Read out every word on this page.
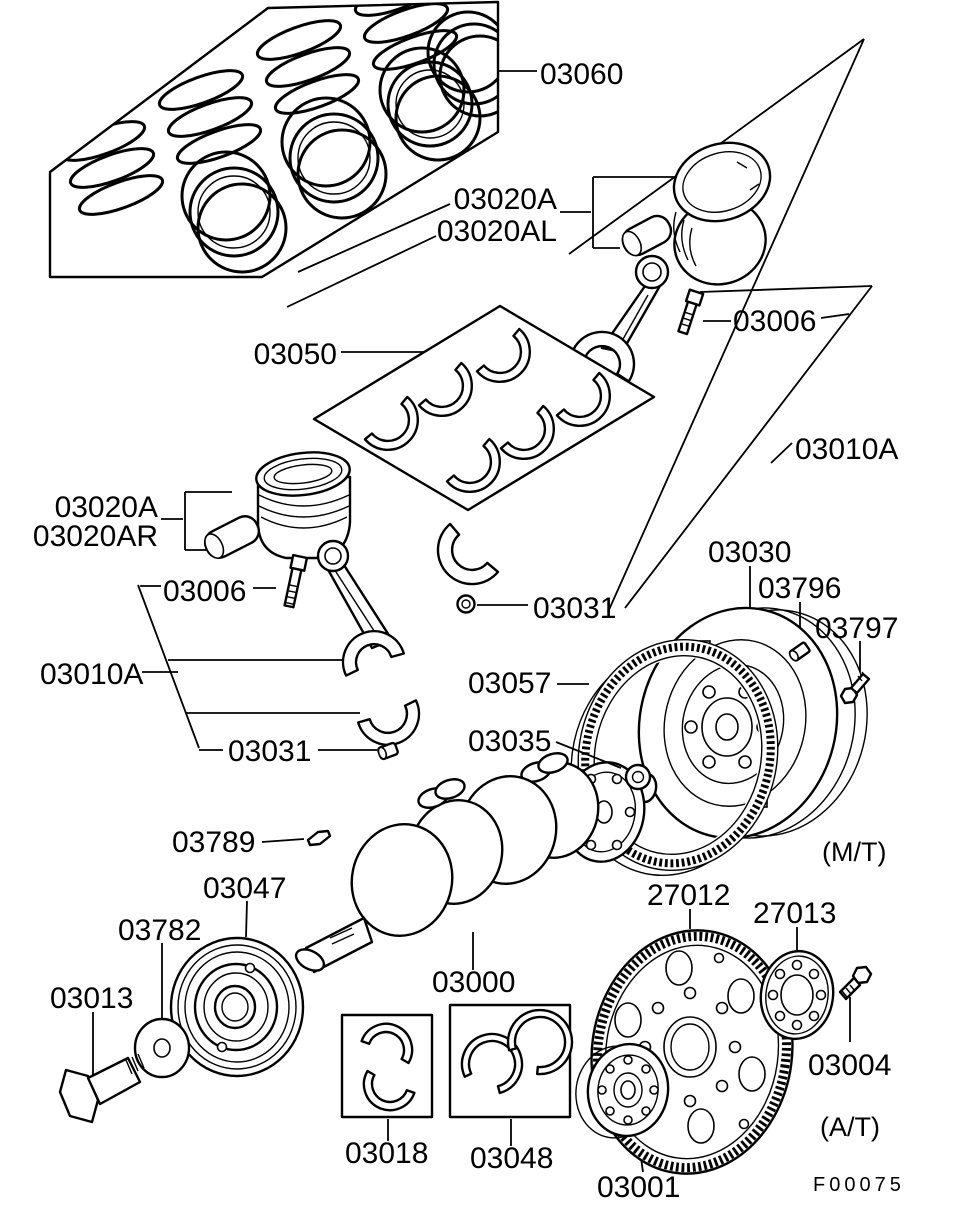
03060
03020A
03020AL
03006
03010A
03050
03020A
03020AR
03006
03010A
03031
03031
03030
03796
03797
03057
03035
(M/T)
03789
03047
03782
03013	03000
27012
27013
03004
(A/T)
03018 03048
03001	F00075
